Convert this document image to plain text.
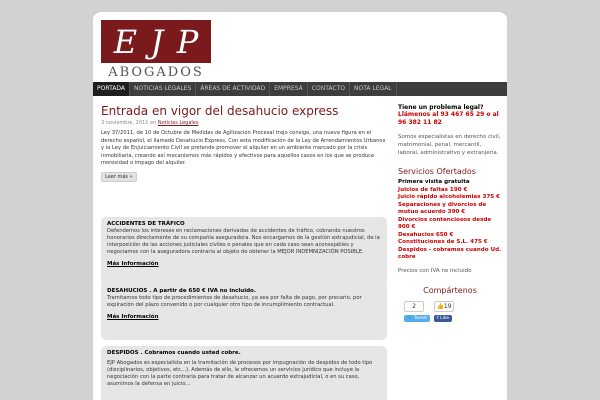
E J P
ABOGADOS
PORTADA	NOTICIAS LEGALES	ÁREAS DE ACTIVIDAD	EMPRESA	CONTACTO	NOTA LEGAL
Entrada en vigor del desahucio express
3 noviembre, 2011 en Noticias Legales
Ley 37/2011, de 10 de Octubre de Medidas de Agilización Procesal trajo consigo, una nueva figura en el derecho español, el llamado Desahucio Express. Con esta modificación de la Ley de Arrendamientos Urbanos y la Ley de Enjuiciamiento Civil se pretende promover el alquiler en un ambiente marcado por la crisis inmobiliaria, creando así mecanismos más rápidos y efectivos para aquellos casos en los que se produce morosidad o impago del alquiler.
Leer más »
ACCIDENTES DE TRÁFICO

Defendemos los intereses en reclamaciones derivadas de accidentes de tráfico, cobrando nuestros honorarios directamente de su compañía aseguradora. Nos encargamos de la gestión extrajudicial, de la interposición de las acciones judiciales civiles o penales que en cada caso sean aconsejables y negociamos con la aseguradora contraria al objeto de obtener la MEJOR INDEMNIZACIÓN POSIBLE.

Más Información
DESAHUCIOS . A partir de 650 € IVA no incluido.

Tramitamos todo tipo de procedimientos de desahucio, ya sea por falta de pago, por precario, por expiración del plazo convenido o por cualquier otro tipo de incumplimiento contractual.

Más Información
DESPIDOS . Cobramos cuando usted cobre.

EJP Abogados es especialista en la tramitación de procesos por impugnación de despidos de todo tipo (disciplinarios, objetivos, etc...). Además de ello, le ofrecemos un servicios jurídico que incluye la negociación con la parte contraria para tratar de alcanzar un acuerdo extrajudicial, o en su caso, asumimos la defensa en juicio…

Tiene un problema legal?
Llámenos al 93 467 65 29 o al
96 382 11 82
Somos especialistas en derecho civil, matrimonial, penal, mercantil, laboral, administrativo y extranjería.
Servicios Ofertados
Primera visita gratuita
Juicios de faltas 190 €
Juicio rápido alcoholemias 375 €
Separaciones y divorcios de mutuo acuerdo 390 €
Divorcios contenciosos desde 900 €
Desahucios 650 €
Constituciones de S.L. 475 €
Despidos - cobramos cuando Ud. cobre
Precios con IVA no incluido
Compártenos
2	👍19
🐦 Tweet	f Like
